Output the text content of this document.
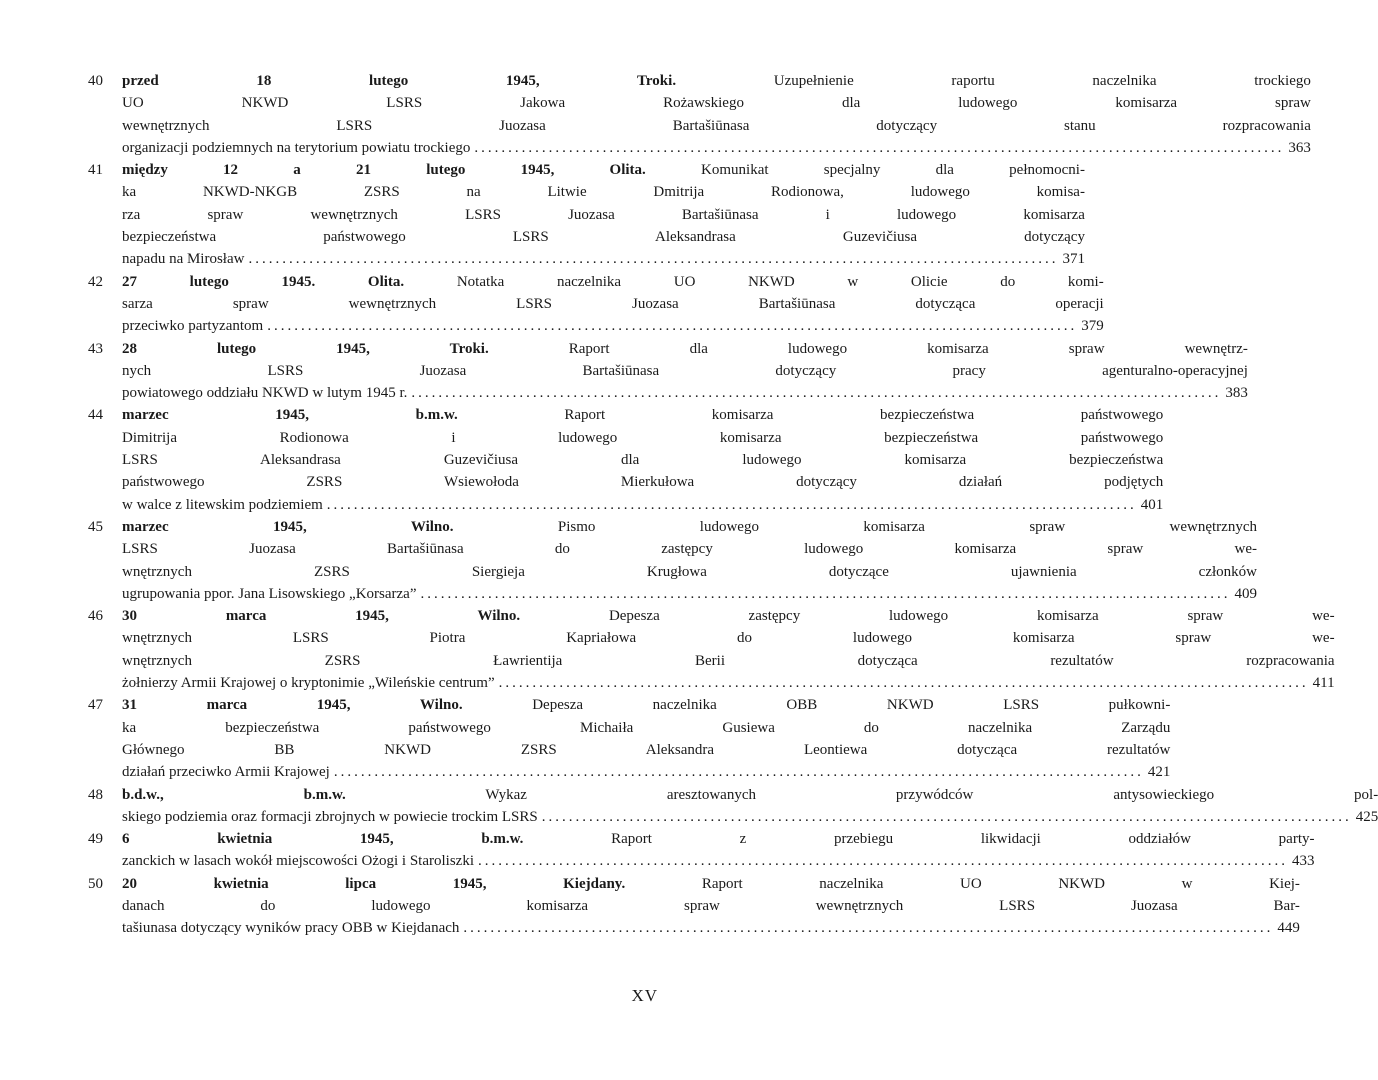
40	przed 18 lutego 1945, Troki. Uzupełnienie raportu naczelnika trockiego
UO NKWD LSRS Jakowa Rożawskiego dla ludowego komisarza spraw
wewnętrznych LSRS Juozasa Bartašiūnasa dotyczący stanu rozpracowania
organizacji podziemnych na terytorium powiatu trockiego ........................................................................................................................ 363
41	między 12 a 21 lutego 1945, Olita. Komunikat specjalny dla pełnomocni-
ka NKWD-NKGB ZSRS na Litwie Dmitrija Rodionowa, ludowego komisa-
rza spraw wewnętrznych LSRS Juozasa Bartašiūnasa i ludowego komisarza
bezpieczeństwa państwowego LSRS Aleksandrasa Guzevičiusa dotyczący
napadu na Mirosław ........................................................................................................................ 371
42	27 lutego 1945. Olita. Notatka naczelnika UO NKWD w Olicie do komi-
sarza spraw wewnętrznych LSRS Juozasa Bartašiūnasa dotycząca operacji
przeciwko partyzantom ........................................................................................................................ 379
43	28 lutego 1945, Troki. Raport dla ludowego komisarza spraw wewnętrz-
nych LSRS Juozasa Bartašiūnasa dotyczący pracy agenturalno-operacyjnej
powiatowego oddziału NKWD w lutym 1945 r. ........................................................................................................................ 383
44	marzec 1945, b.m.w. Raport komisarza bezpieczeństwa państwowego
Dimitrija Rodionowa i ludowego komisarza bezpieczeństwa państwowego
LSRS Aleksandrasa Guzevičiusa dla ludowego komisarza bezpieczeństwa
państwowego ZSRS Wsiewołoda Mierkułowa dotyczący działań podjętych
w walce z litewskim podziemiem ........................................................................................................................ 401
45	marzec 1945, Wilno. Pismo ludowego komisarza spraw wewnętrznych
LSRS Juozasa Bartašiūnasa do zastępcy ludowego komisarza spraw we-
wnętrznych ZSRS Siergieja Krugłowa dotyczące ujawnienia członków
ugrupowania ppor. Jana Lisowskiego „Korsarza” ........................................................................................................................ 409
46	30 marca 1945, Wilno. Depesza zastępcy ludowego komisarza spraw we-
wnętrznych LSRS Piotra Kapriałowa do ludowego komisarza spraw we-
wnętrznych ZSRS Ławrientija Berii dotycząca rezultatów rozpracowania
żołnierzy Armii Krajowej o kryptonimie „Wileńskie centrum” ........................................................................................................................ 411
47	31 marca 1945, Wilno. Depesza naczelnika OBB NKWD LSRS pułkowni-
ka bezpieczeństwa państwowego Michaiła Gusiewa do naczelnika Zarządu
Głównego BB NKWD ZSRS Aleksandra Leontiewa dotycząca rezultatów
działań przeciwko Armii Krajowej ........................................................................................................................ 421
48	b.d.w., b.m.w. Wykaz aresztowanych przywódców antysowieckiego pol-
skiego podziemia oraz formacji zbrojnych w powiecie trockim LSRS ........................................................................................................................ 425
49	6 kwietnia 1945, b.m.w. Raport z przebiegu likwidacji oddziałów party-
zanckich w lasach wokół miejscowości Ożogi i Staroliszki ........................................................................................................................ 433
50	20 kwietnia lipca 1945, Kiejdany. Raport naczelnika UO NKWD w Kiej-
danach do ludowego komisarza spraw wewnętrznych LSRS Juozasa Bar-
tašiunasa dotyczący wyników pracy OBB w Kiejdanach ........................................................................................................................ 449
XV
